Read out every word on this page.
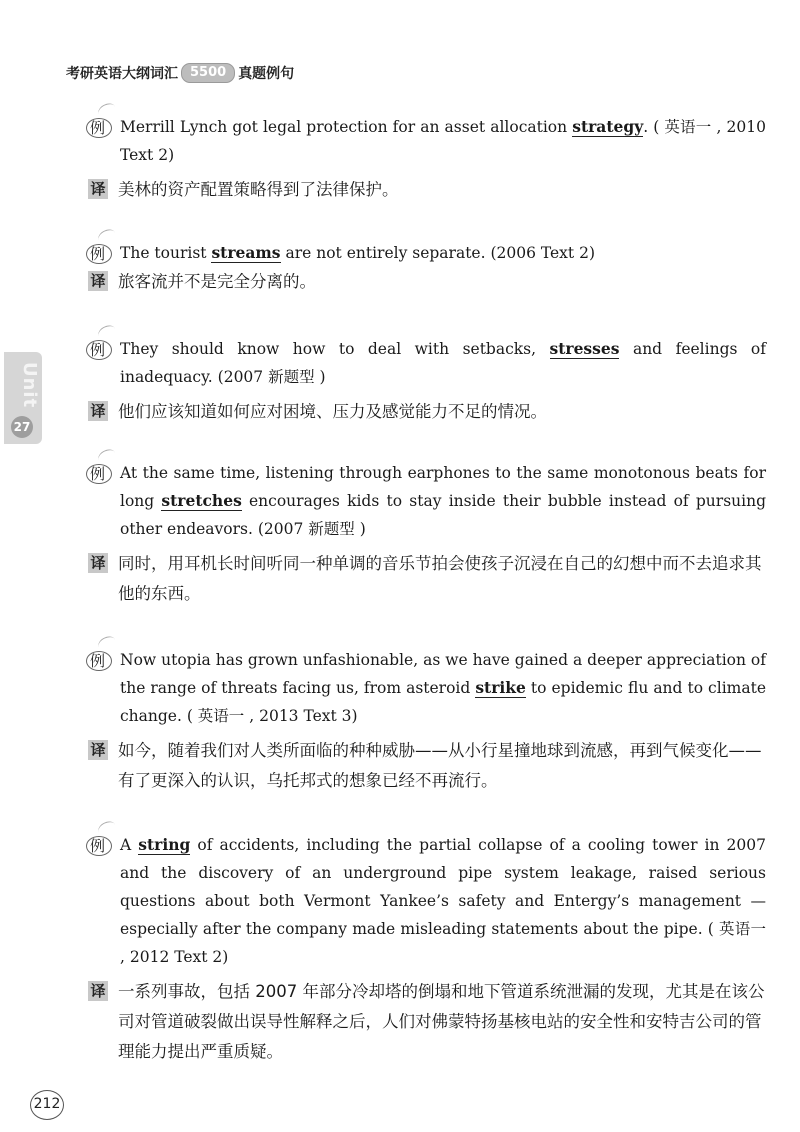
考研英语大纲词汇 5500 真题例句
Unit
27
例 Merrill Lynch got legal protection for an asset allocation strategy. ( 英语一 , 2010 Text 2)
译 美林的资产配置策略得到了法律保护。
例 The tourist streams are not entirely separate. (2006 Text 2)
译 旅客流并不是完全分离的。
例 They should know how to deal with setbacks, stresses and feelings of inadequacy. (2007 新题型 )
译 他们应该知道如何应对困境、压力及感觉能力不足的情况。
例 At the same time, listening through earphones to the same monotonous beats for long stretches encourages kids to stay inside their bubble instead of pursuing other endeavors. (2007 新题型 )
译 同时，用耳机长时间听同一种单调的音乐节拍会使孩子沉浸在自己的幻想中而不去追求其他的东西。
例 Now utopia has grown unfashionable, as we have gained a deeper appreciation of the range of threats facing us, from asteroid strike to epidemic flu and to climate change. ( 英语一 , 2013 Text 3)
译 如今，随着我们对人类所面临的种种威胁——从小行星撞地球到流感，再到气候变化——有了更深入的认识，乌托邦式的想象已经不再流行。
例 A string of accidents, including the partial collapse of a cooling tower in 2007 and the discovery of an underground pipe system leakage, raised serious questions about both Vermont Yankee’s safety and Entergy’s management — especially after the company made misleading statements about the pipe. ( 英语一 , 2012 Text 2)
译 一系列事故，包括 2007 年部分冷却塔的倒塌和地下管道系统泄漏的发现，尤其是在该公司对管道破裂做出误导性解释之后，人们对佛蒙特扬基核电站的安全性和安特吉公司的管理能力提出严重质疑。
212
